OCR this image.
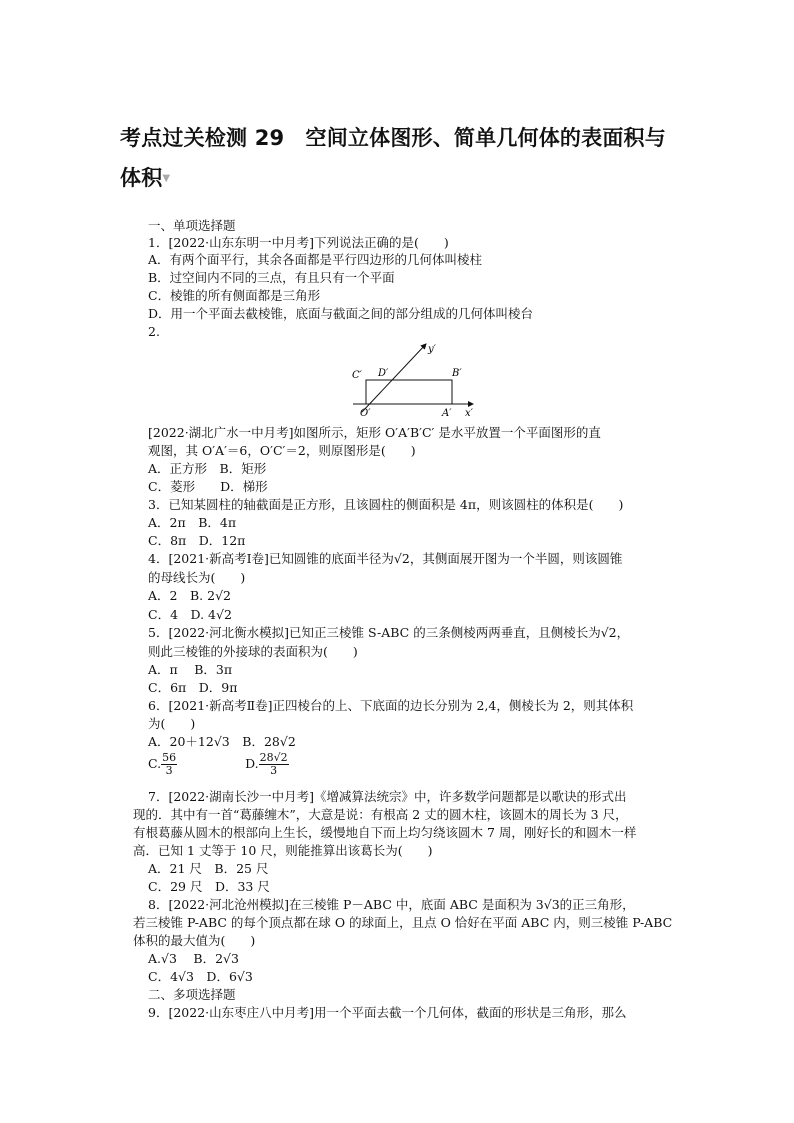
考点过关检测 29　空间立体图形、简单几何体的表面积与体积▼
一、单项选择题
1．[2022·山东东明一中月考]下列说法正确的是(　　)
A．有两个面平行，其余各面都是平行四边形的几何体叫棱柱
B．过空间内不同的三点，有且只有一个平面
C．棱锥的所有侧面都是三角形
D．用一个平面去截棱锥，底面与截面之间的部分组成的几何体叫棱台
2.
C′ D′	B′
O′	A′ x′
y′
[2022·湖北广水一中月考]如图所示，矩形 O′A′B′C′ 是水平放置一个平面图形的直
观图，其 O′A′＝6，O′C′＝2，则原图形是(　　)
A．正方形　B．矩形
C．菱形　　D．梯形
3．已知某圆柱的轴截面是正方形，且该圆柱的侧面积是 4π，则该圆柱的体积是(　　)
A．2π　B．4π
C．8π　D．12π
4．[2021·新高考Ⅰ卷]已知圆锥的底面半径为√2，其侧面展开图为一个半圆，则该圆锥
的母线长为(　　)
A．2　B. 2√2
C．4　D. 4√2
5．[2022·河北衡水模拟]已知正三棱锥 S-ABC 的三条侧棱两两垂直，且侧棱长为√2，
则此三棱锥的外接球的表面积为(　　)
A．π　 B．3π
C．6π　D．9π
6．[2021·新高考Ⅱ卷]正四棱台的上、下底面的边长分别为 2,4，侧棱长为 2，则其体积
为(　　)
A．20＋12√3　B．28√2
C. $\frac{56}{3}$	D. $\frac{28√2}{3}$
7．[2022·湖南长沙一中月考]《增减算法统宗》中，许多数学问题都是以歌诀的形式出
现的．其中有一首“葛藤缠木”，大意是说：有根高 2 丈的圆木柱，该圆木的周长为 3 尺，
有根葛藤从圆木的根部向上生长，缓慢地自下而上均匀绕该圆木 7 周，刚好长的和圆木一样
高．已知 1 丈等于 10 尺，则能推算出该葛长为(　　)
A．21 尺　B．25 尺
C．29 尺　D．33 尺
8．[2022·河北沧州模拟]在三棱锥 P－ABC 中，底面 ABC 是面积为 3√3的正三角形，
若三棱锥 P-ABC 的每个顶点都在球 O 的球面上，且点 O 恰好在平面 ABC 内，则三棱锥 P-ABC
体积的最大值为(　　)
A.√3　 B．2√3
C．4√3　D．6√3
二、多项选择题
9．[2022·山东枣庄八中月考]用一个平面去截一个几何体，截面的形状是三角形，那么
